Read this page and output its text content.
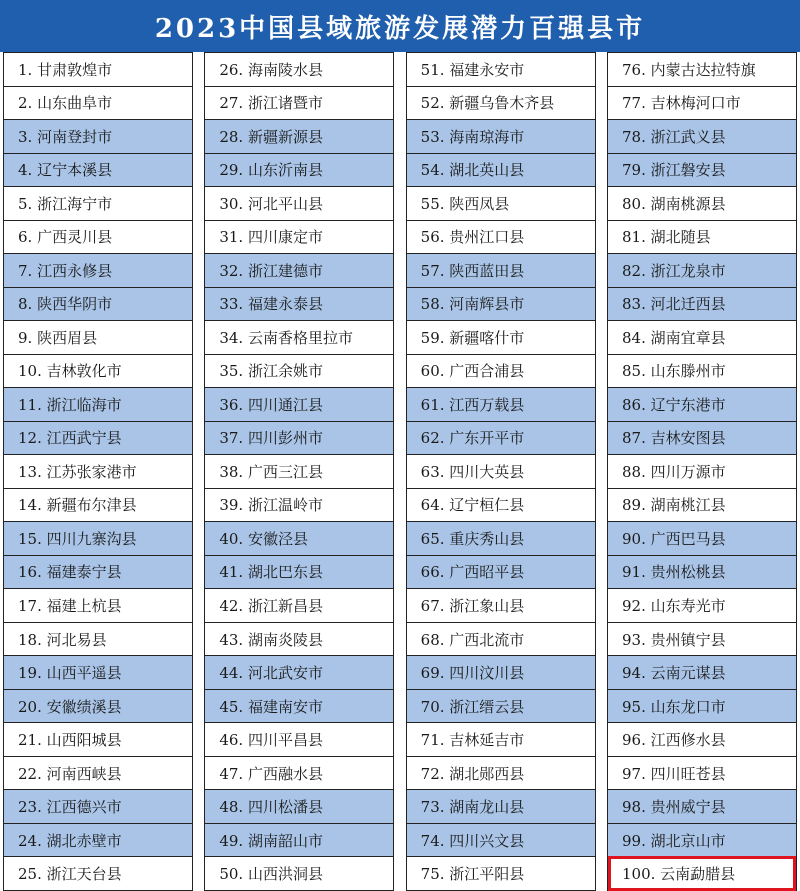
2023中国县域旅游发展潜力百强县市
1. 甘肃敦煌市
2. 山东曲阜市
3. 河南登封市
4. 辽宁本溪县
5. 浙江海宁市
6. 广西灵川县
7. 江西永修县
8. 陕西华阴市
9. 陕西眉县
10. 吉林敦化市
11. 浙江临海市
12. 江西武宁县
13. 江苏张家港市
14. 新疆布尔津县
15. 四川九寨沟县
16. 福建泰宁县
17. 福建上杭县
18. 河北易县
19. 山西平遥县
20. 安徽绩溪县
21. 山西阳城县
22. 河南西峡县
23. 江西德兴市
24. 湖北赤壁市
25. 浙江天台县
26. 海南陵水县
27. 浙江诸暨市
28. 新疆新源县
29. 山东沂南县
30. 河北平山县
31. 四川康定市
32. 浙江建德市
33. 福建永泰县
34. 云南香格里拉市
35. 浙江余姚市
36. 四川通江县
37. 四川彭州市
38. 广西三江县
39. 浙江温岭市
40. 安徽泾县
41. 湖北巴东县
42. 浙江新昌县
43. 湖南炎陵县
44. 河北武安市
45. 福建南安市
46. 四川平昌县
47. 广西融水县
48. 四川松潘县
49. 湖南韶山市
50. 山西洪洞县
51. 福建永安市
52. 新疆乌鲁木齐县
53. 海南琼海市
54. 湖北英山县
55. 陕西凤县
56. 贵州江口县
57. 陕西蓝田县
58. 河南辉县市
59. 新疆喀什市
60. 广西合浦县
61. 江西万载县
62. 广东开平市
63. 四川大英县
64. 辽宁桓仁县
65. 重庆秀山县
66. 广西昭平县
67. 浙江象山县
68. 广西北流市
69. 四川汶川县
70. 浙江缙云县
71. 吉林延吉市
72. 湖北郧西县
73. 湖南龙山县
74. 四川兴文县
75. 浙江平阳县
76. 内蒙古达拉特旗
77. 吉林梅河口市
78. 浙江武义县
79. 浙江磐安县
80. 湖南桃源县
81. 湖北随县
82. 浙江龙泉市
83. 河北迁西县
84. 湖南宜章县
85. 山东滕州市
86. 辽宁东港市
87. 吉林安图县
88. 四川万源市
89. 湖南桃江县
90. 广西巴马县
91. 贵州松桃县
92. 山东寿光市
93. 贵州镇宁县
94. 云南元谋县
95. 山东龙口市
96. 江西修水县
97. 四川旺苍县
98. 贵州威宁县
99. 湖北京山市
100. 云南勐腊县
